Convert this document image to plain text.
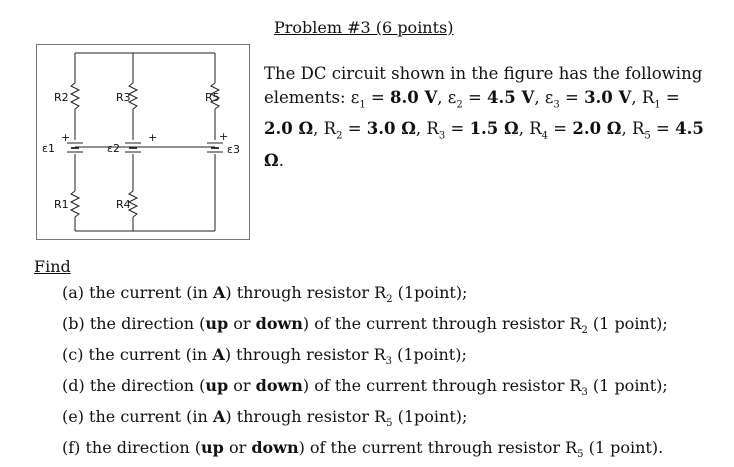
Problem #3 (6 points)
The DC circuit shown in the figure has the following elements: $\varepsilon_1 = 8.0$ V, $\varepsilon_2 = 4.5$ V, $\varepsilon_3 = 3.0$ V, $R_1 = 2.0$ Ω, $R_2 = 3.0$ Ω, $R_3 = 1.5$ Ω, $R_4 = 2.0$ Ω, $R_5 = 4.5$ Ω.
R2	R3	R5
ε1	ε2	ε3
+	+	+
R1	R4
Find
(a) the current (in A) through resistor $R_2$ (1point);
(b) the direction (up or down) of the current through resistor $R_2$ (1 point);
(c) the current (in A) through resistor $R_3$ (1point);
(d) the direction (up or down) of the current through resistor $R_3$ (1 point);
(e) the current (in A) through resistor $R_5$ (1point);
(f) the direction (up or down) of the current through resistor $R_5$ (1 point).
